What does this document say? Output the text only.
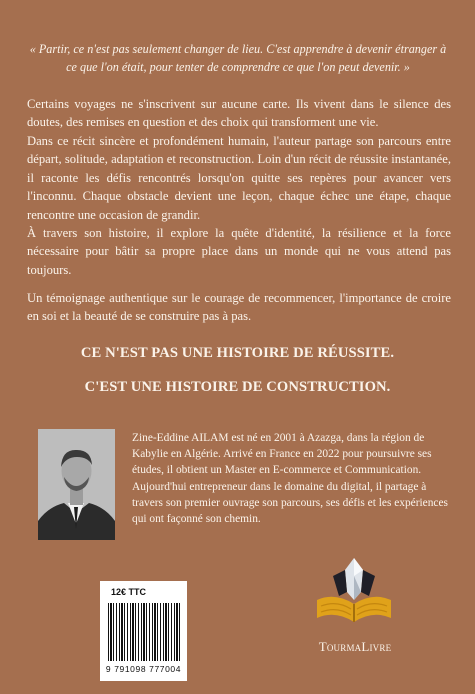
« Partir, ce n'est pas seulement changer de lieu. C'est apprendre à devenir étranger à ce que l'on était, pour tenter de comprendre ce que l'on peut devenir. »

Certains voyages ne s'inscrivent sur aucune carte. Ils vivent dans le silence des doutes, des remises en question et des choix qui transforment une vie.

Dans ce récit sincère et profondément humain, l'auteur partage son parcours entre départ, solitude, adaptation et reconstruction. Loin d'un récit de réussite instantanée, il raconte les défis rencontrés lorsqu'on quitte ses repères pour avancer vers l'inconnu. Chaque obstacle devient une leçon, chaque échec une étape, chaque rencontre une occasion de grandir.

À travers son histoire, il explore la quête d'identité, la résilience et la force nécessaire pour bâtir sa propre place dans un monde qui ne vous attend pas toujours.

Un témoignage authentique sur le courage de recommencer, l'importance de croire en soi et la beauté de se construire pas à pas.

CE N'EST PAS UNE HISTOIRE DE RÉUSSITE.
C'EST UNE HISTOIRE DE CONSTRUCTION.

Zine-Eddine AILAM est né en 2001 à Azazga, dans la région de Kabylie en Algérie. Arrivé en France en 2022 pour poursuivre ses études, il obtient un Master en E-commerce et Communication. Aujourd'hui entrepreneur dans le domaine du digital, il partage à travers son premier ouvrage son parcours, ses défis et les expériences qui ont façonné son chemin.

12€ TTC
9 791098 777004
TourmaLivre
